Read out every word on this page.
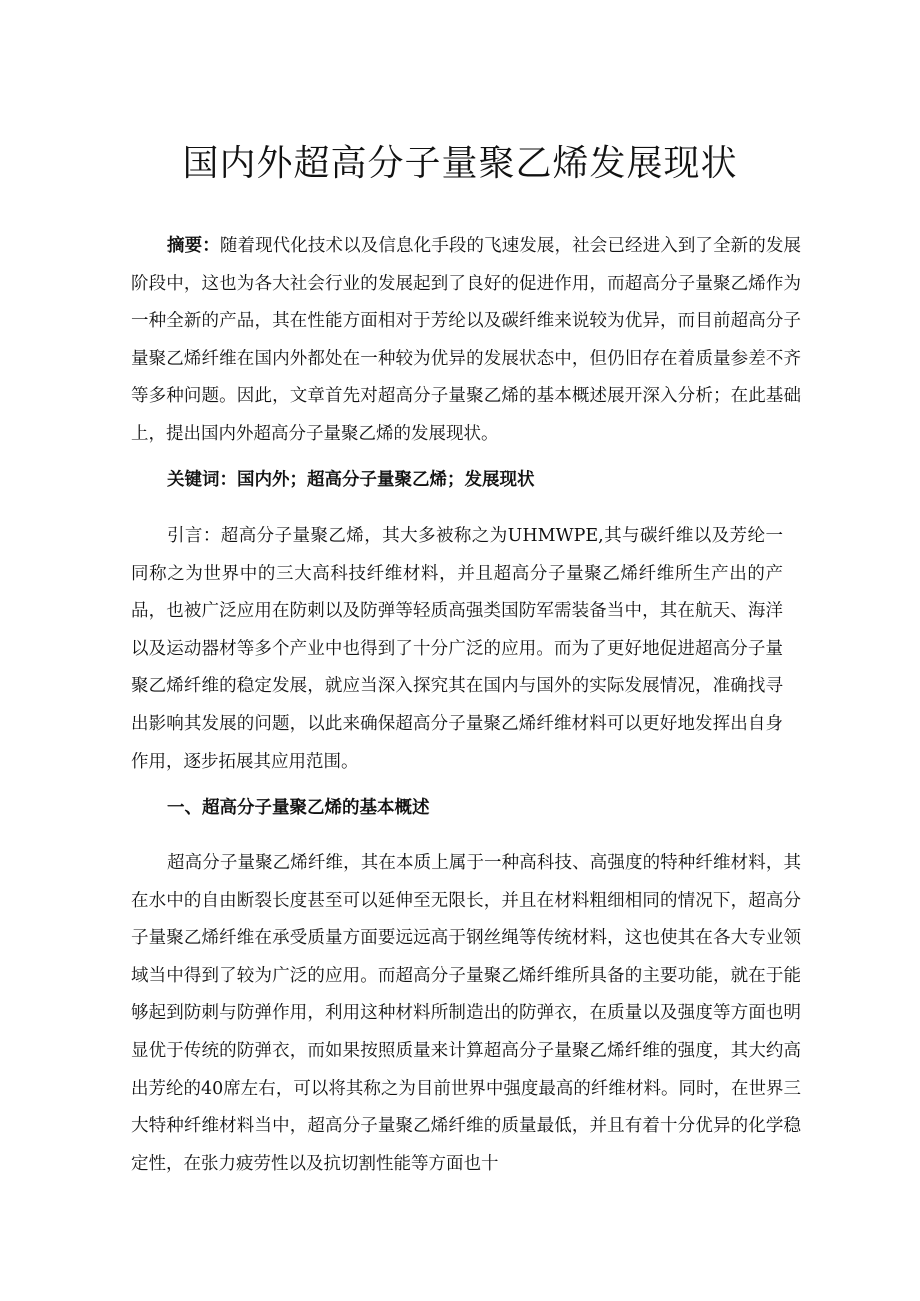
国内外超高分子量聚乙烯发展现状

摘要：随着现代化技术以及信息化手段的飞速发展，社会已经进入到了全新的发展阶段中，这也为各大社会行业的发展起到了良好的促进作用，而超高分子量聚乙烯作为一种全新的产品，其在性能方面相对于芳纶以及碳纤维来说较为优异，而目前超高分子量聚乙烯纤维在国内外都处在一种较为优异的发展状态中，但仍旧存在着质量参差不齐等多种问题。因此，文章首先对超高分子量聚乙烯的基本概述展开深入分析；在此基础上，提出国内外超高分子量聚乙烯的发展现状。

关键词：国内外；超高分子量聚乙烯；发展现状

引言：超高分子量聚乙烯，其大多被称之为UHMWPE,其与碳纤维以及芳纶一同称之为世界中的三大高科技纤维材料，并且超高分子量聚乙烯纤维所生产出的产品，也被广泛应用在防刺以及防弹等轻质高强类国防军需装备当中，其在航天、海洋以及运动器材等多个产业中也得到了十分广泛的应用。而为了更好地促进超高分子量聚乙烯纤维的稳定发展，就应当深入探究其在国内与国外的实际发展情况，准确找寻出影响其发展的问题，以此来确保超高分子量聚乙烯纤维材料可以更好地发挥出自身作用，逐步拓展其应用范围。

一、超高分子量聚乙烯的基本概述

超高分子量聚乙烯纤维，其在本质上属于一种高科技、高强度的特种纤维材料，其在水中的自由断裂长度甚至可以延伸至无限长，并且在材料粗细相同的情况下，超高分子量聚乙烯纤维在承受质量方面要远远高于钢丝绳等传统材料，这也使其在各大专业领域当中得到了较为广泛的应用。而超高分子量聚乙烯纤维所具备的主要功能，就在于能够起到防刺与防弹作用，利用这种材料所制造出的防弹衣，在质量以及强度等方面也明显优于传统的防弹衣，而如果按照质量来计算超高分子量聚乙烯纤维的强度，其大约高出芳纶的40席左右，可以将其称之为目前世界中强度最高的纤维材料。同时，在世界三大特种纤维材料当中，超高分子量聚乙烯纤维的质量最低，并且有着十分优异的化学稳定性，在张力疲劳性以及抗切割性能等方面也十
